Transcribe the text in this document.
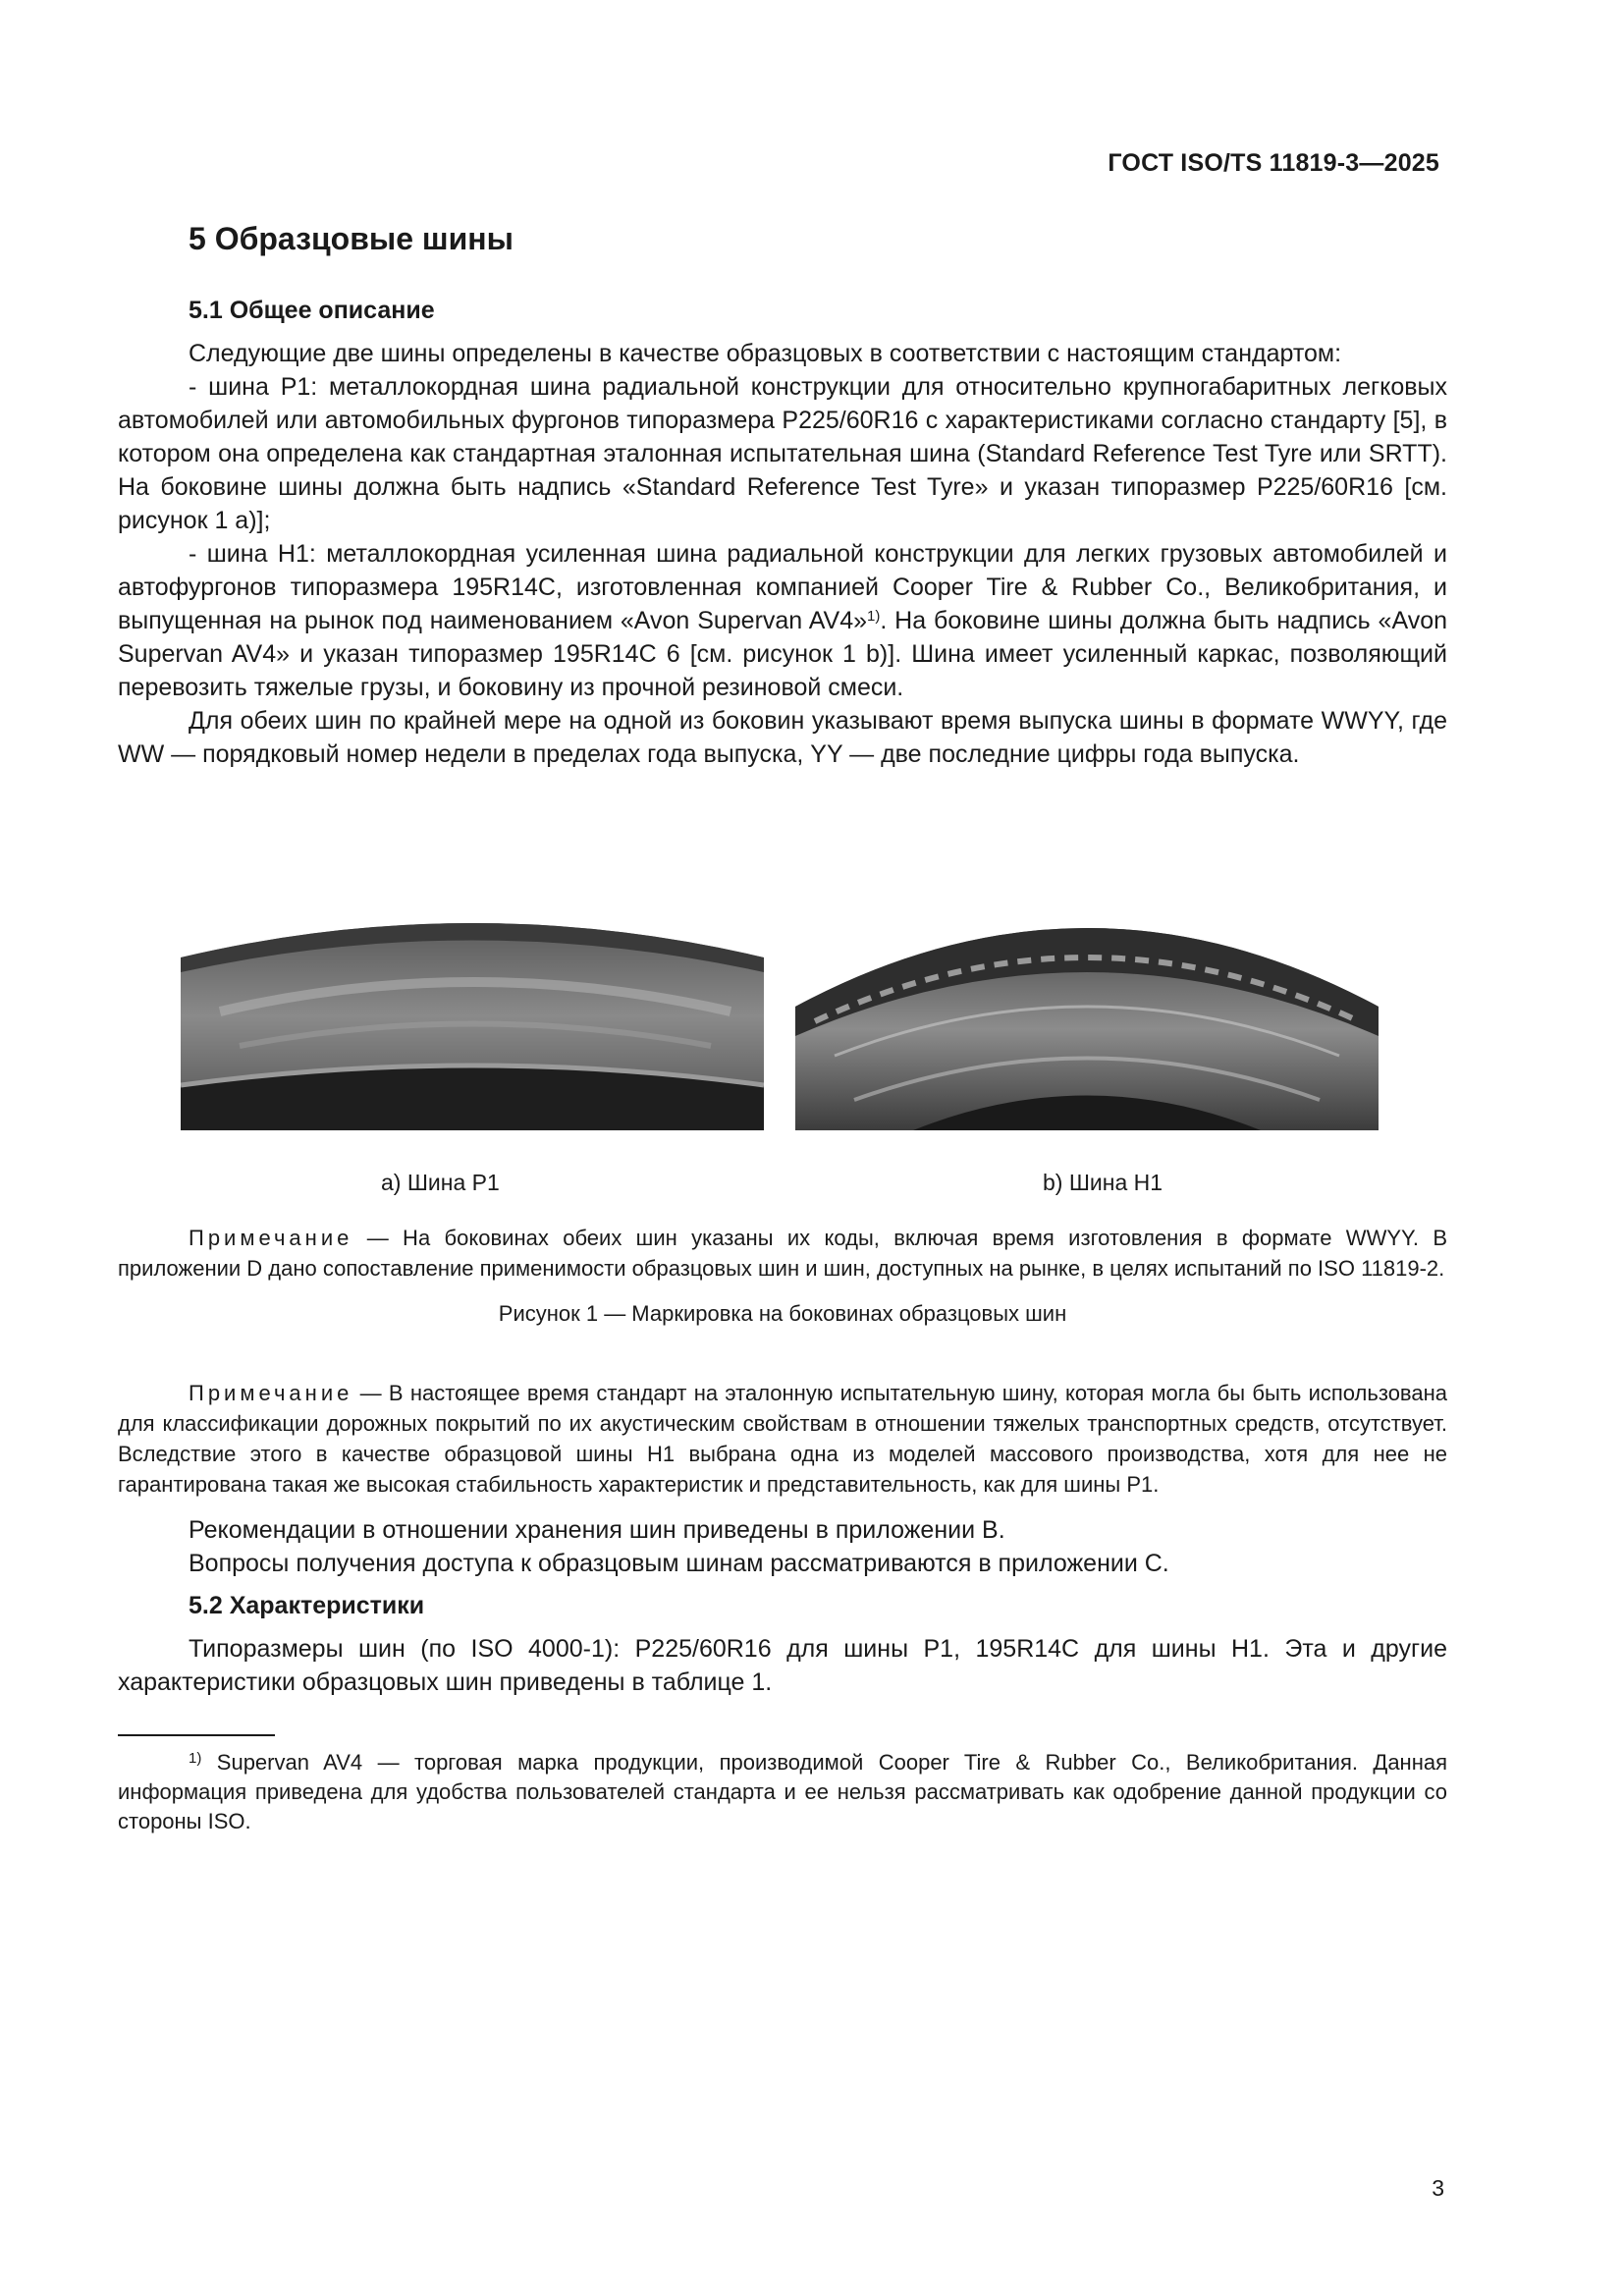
ГОСТ ISO/TS 11819-3—2025
5 Образцовые шины
5.1 Общее описание

Следующие две шины определены в качестве образцовых в соответствии с настоящим стандартом:

- шина P1: металлокордная шина радиальной конструкции для относительно крупногабаритных легковых автомобилей или автомобильных фургонов типоразмера P225/60R16 с характеристиками согласно стандарту [5], в котором она определена как стандартная эталонная испытательная шина (Standard Reference Test Tyre или SRTT). На боковине шины должна быть надпись «Standard Reference Test Tyre» и указан типоразмер P225/60R16 [см. рисунок 1 а)];

- шина Н1: металлокордная усиленная шина радиальной конструкции для легких грузовых автомобилей и автофургонов типоразмера 195R14C, изготовленная компанией Cooper Tire & Rubber Co., Великобритания, и выпущенная на рынок под наименованием «Avon Supervan AV4»$^{1)}$. На боковине шины должна быть надпись «Avon Supervan AV4» и указан типоразмер 195R14C 6 [см. рисунок 1 b)]. Шина имеет усиленный каркас, позволяющий перевозить тяжелые грузы, и боковину из прочной резиновой смеси.

Для обеих шин по крайней мере на одной из боковин указывают время выпуска шины в формате WWYY, где WW — порядковый номер недели в пределах года выпуска, YY — две последние цифры года выпуска.

а) Шина P1	b) Шина Н1

Примечание — На боковинах обеих шин указаны их коды, включая время изготовления в формате WWYY. В приложении D дано сопоставление применимости образцовых шин и шин, доступных на рынке, в целях испытаний по ISO 11819-2.

Рисунок 1 — Маркировка на боковинах образцовых шин

Примечание — В настоящее время стандарт на эталонную испытательную шину, которая могла бы быть использована для классификации дорожных покрытий по их акустическим свойствам в отношении тяжелых транспортных средств, отсутствует. Вследствие этого в качестве образцовой шины Н1 выбрана одна из моделей массового производства, хотя для нее не гарантирована такая же высокая стабильность характеристик и представительность, как для шины P1.

Рекомендации в отношении хранения шин приведены в приложении В.

Вопросы получения доступа к образцовым шинам рассматриваются в приложении С.

5.2 Характеристики

Типоразмеры шин (по ISO 4000-1): P225/60R16 для шины P1, 195R14C для шины Н1. Эта и другие характеристики образцовых шин приведены в таблице 1.

$^{1)}$ Supervan AV4 — торговая марка продукции, производимой Cooper Tire & Rubber Co., Великобритания. Данная информация приведена для удобства пользователей стандарта и ее нельзя рассматривать как одобрение данной продукции со стороны ISO.

3
